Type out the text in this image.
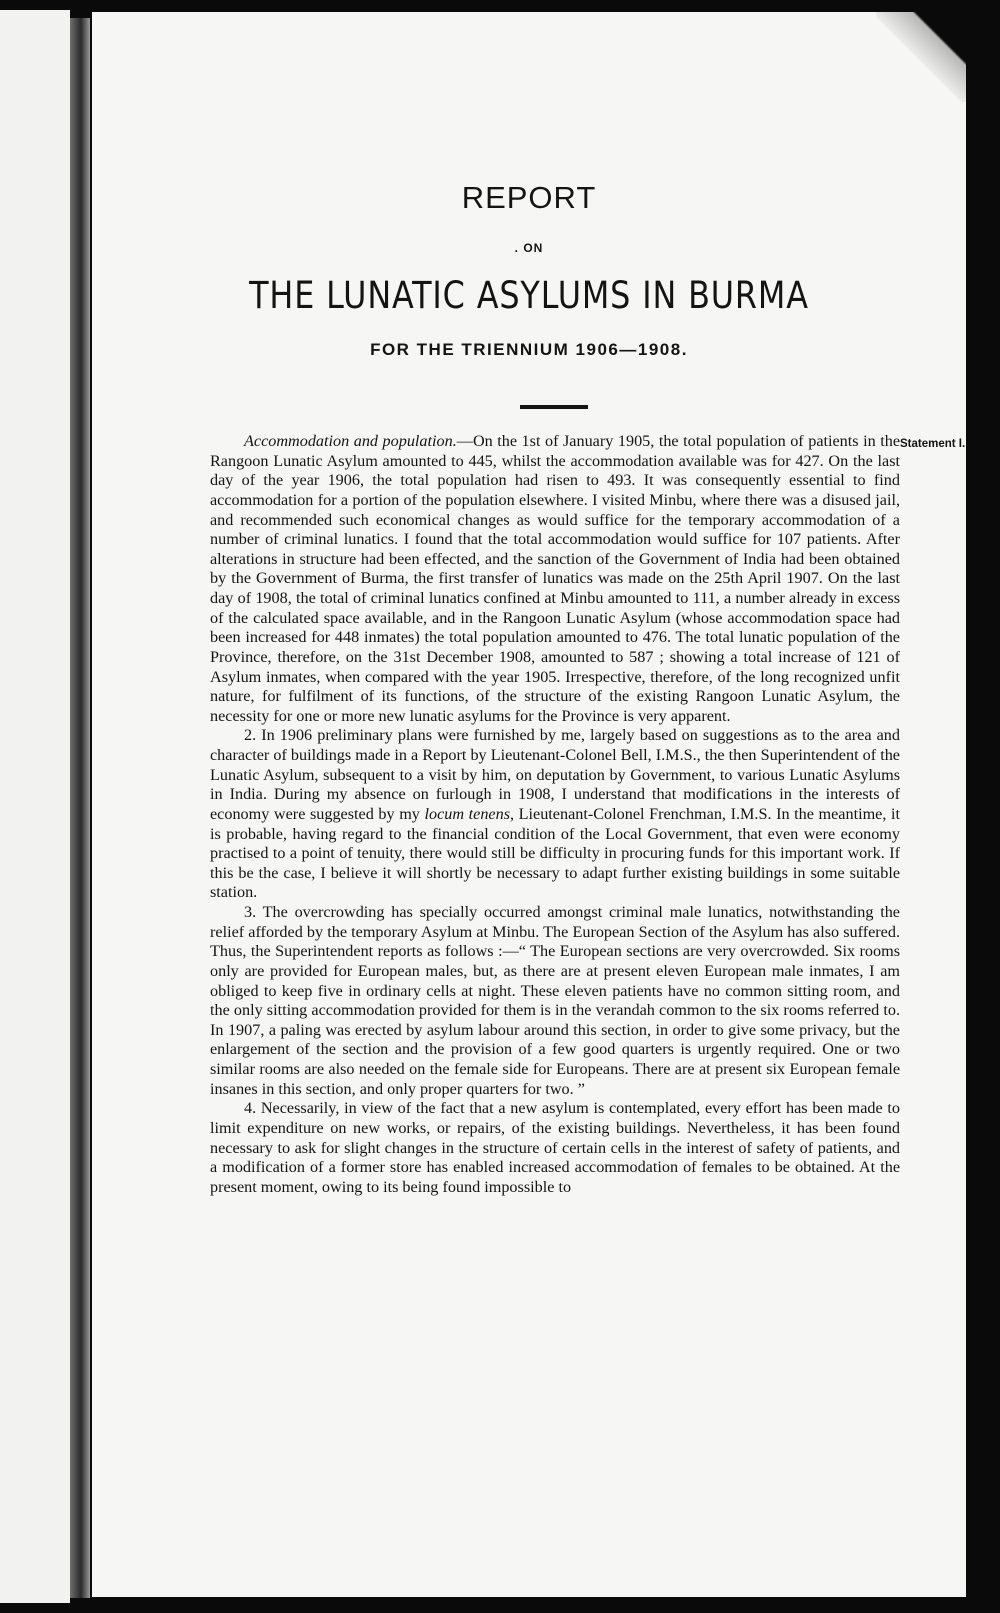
REPORT
. ON
THE LUNATIC ASYLUMS IN BURMA
FOR THE TRIENNIUM 1906—1908.
Statement I.

Accommodation and population.—On the 1st of January 1905, the total population of patients in the Rangoon Lunatic Asylum amounted to 445, whilst the accommodation available was for 427. On the last day of the year 1906, the total population had risen to 493. It was consequently essential to find accommodation for a portion of the population elsewhere. I visited Minbu, where there was a disused jail, and recommended such economical changes as would suffice for the temporary accommodation of a number of criminal lunatics. I found that the total accommodation would suffice for 107 patients. After alterations in structure had been effected, and the sanction of the Government of India had been obtained by the Government of Burma, the first transfer of lunatics was made on the 25th April 1907. On the last day of 1908, the total of criminal lunatics confined at Minbu amounted to 111, a number already in excess of the calculated space available, and in the Rangoon Lunatic Asylum (whose accommodation space had been increased for 448 inmates) the total population amounted to 476. The total lunatic population of the Province, therefore, on the 31st December 1908, amounted to 587 ; showing a total increase of 121 of Asylum inmates, when compared with the year 1905. Irrespective, therefore, of the long recognized unfit nature, for fulfilment of its functions, of the structure of the existing Rangoon Lunatic Asylum, the necessity for one or more new lunatic asylums for the Province is very apparent.

2. In 1906 preliminary plans were furnished by me, largely based on suggestions as to the area and character of buildings made in a Report by Lieutenant-Colonel Bell, I.M.S., the then Superintendent of the Lunatic Asylum, subsequent to a visit by him, on deputation by Government, to various Lunatic Asylums in India. During my absence on furlough in 1908, I understand that modifications in the interests of economy were suggested by my locum tenens, Lieutenant-Colonel Frenchman, I.M.S. In the meantime, it is probable, having regard to the financial condition of the Local Government, that even were economy practised to a point of tenuity, there would still be difficulty in procuring funds for this important work. If this be the case, I believe it will shortly be necessary to adapt further existing buildings in some suitable station.

3. The overcrowding has specially occurred amongst criminal male lunatics, notwithstanding the relief afforded by the temporary Asylum at Minbu. The European Section of the Asylum has also suffered. Thus, the Superintendent reports as follows :—“ The European sections are very overcrowded. Six rooms only are provided for European males, but, as there are at present eleven European male inmates, I am obliged to keep five in ordinary cells at night. These eleven patients have no common sitting room, and the only sitting accommodation provided for them is in the verandah common to the six rooms referred to. In 1907, a paling was erected by asylum labour around this section, in order to give some privacy, but the enlargement of the section and the provision of a few good quarters is urgently required. One or two similar rooms are also needed on the female side for Europeans. There are at present six European female insanes in this section, and only proper quarters for two. ”

4. Necessarily, in view of the fact that a new asylum is contemplated, every effort has been made to limit expenditure on new works, or repairs, of the existing buildings. Nevertheless, it has been found necessary to ask for slight changes in the structure of certain cells in the interest of safety of patients, and a modification of a former store has enabled increased accommodation of females to be obtained. At the present moment, owing to its being found impossible to
